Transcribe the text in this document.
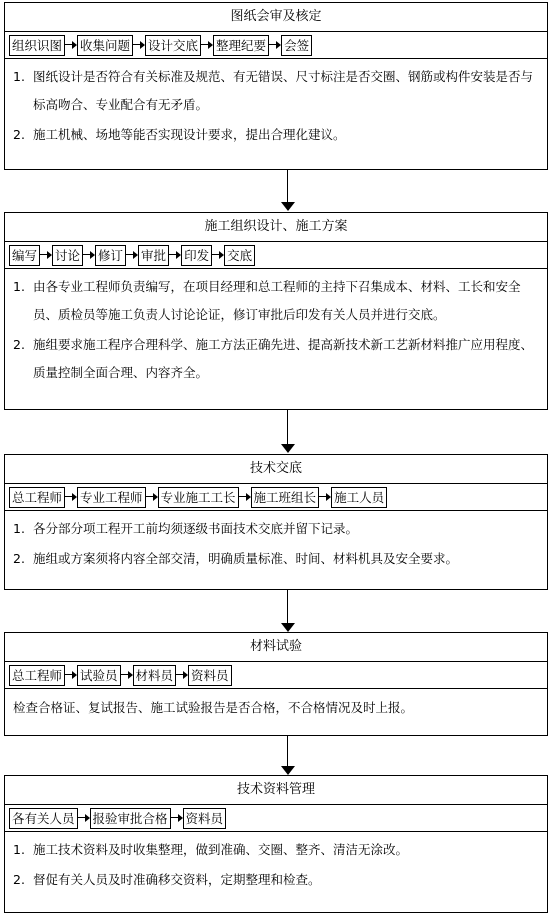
图纸会审及核定
组织识图 收集问题 设计交底 整理纪要 会签
1. 图纸设计是否符合有关标准及规范、有无错误、尺寸标注是否交圈、钢筋或构件安装是否与标高吻合、专业配合有无矛盾。
2. 施工机械、场地等能否实现设计要求，提出合理化建议。
施工组织设计、施工方案
编写 讨论 修订 审批 印发 交底
1. 由各专业工程师负责编写，在项目经理和总工程师的主持下召集成本、材料、工长和安全员、质检员等施工负责人讨论论证，修订审批后印发有关人员并进行交底。
2. 施组要求施工程序合理科学、施工方法正确先进、提高新技术新工艺新材料推广应用程度、质量控制全面合理、内容齐全。
技术交底
总工程师 专业工程师 专业施工工长 施工班组长 施工人员
1. 各分部分项工程开工前均须逐级书面技术交底并留下记录。
2. 施组或方案须将内容全部交清，明确质量标准、时间、材料机具及安全要求。
材料试验
总工程师 试验员 材料员 资料员
检查合格证、复试报告、施工试验报告是否合格，不合格情况及时上报。
技术资料管理
各有关人员 报验审批合格 资料员
1. 施工技术资料及时收集整理，做到准确、交圈、整齐、清洁无涂改。
2. 督促有关人员及时准确移交资料，定期整理和检查。
